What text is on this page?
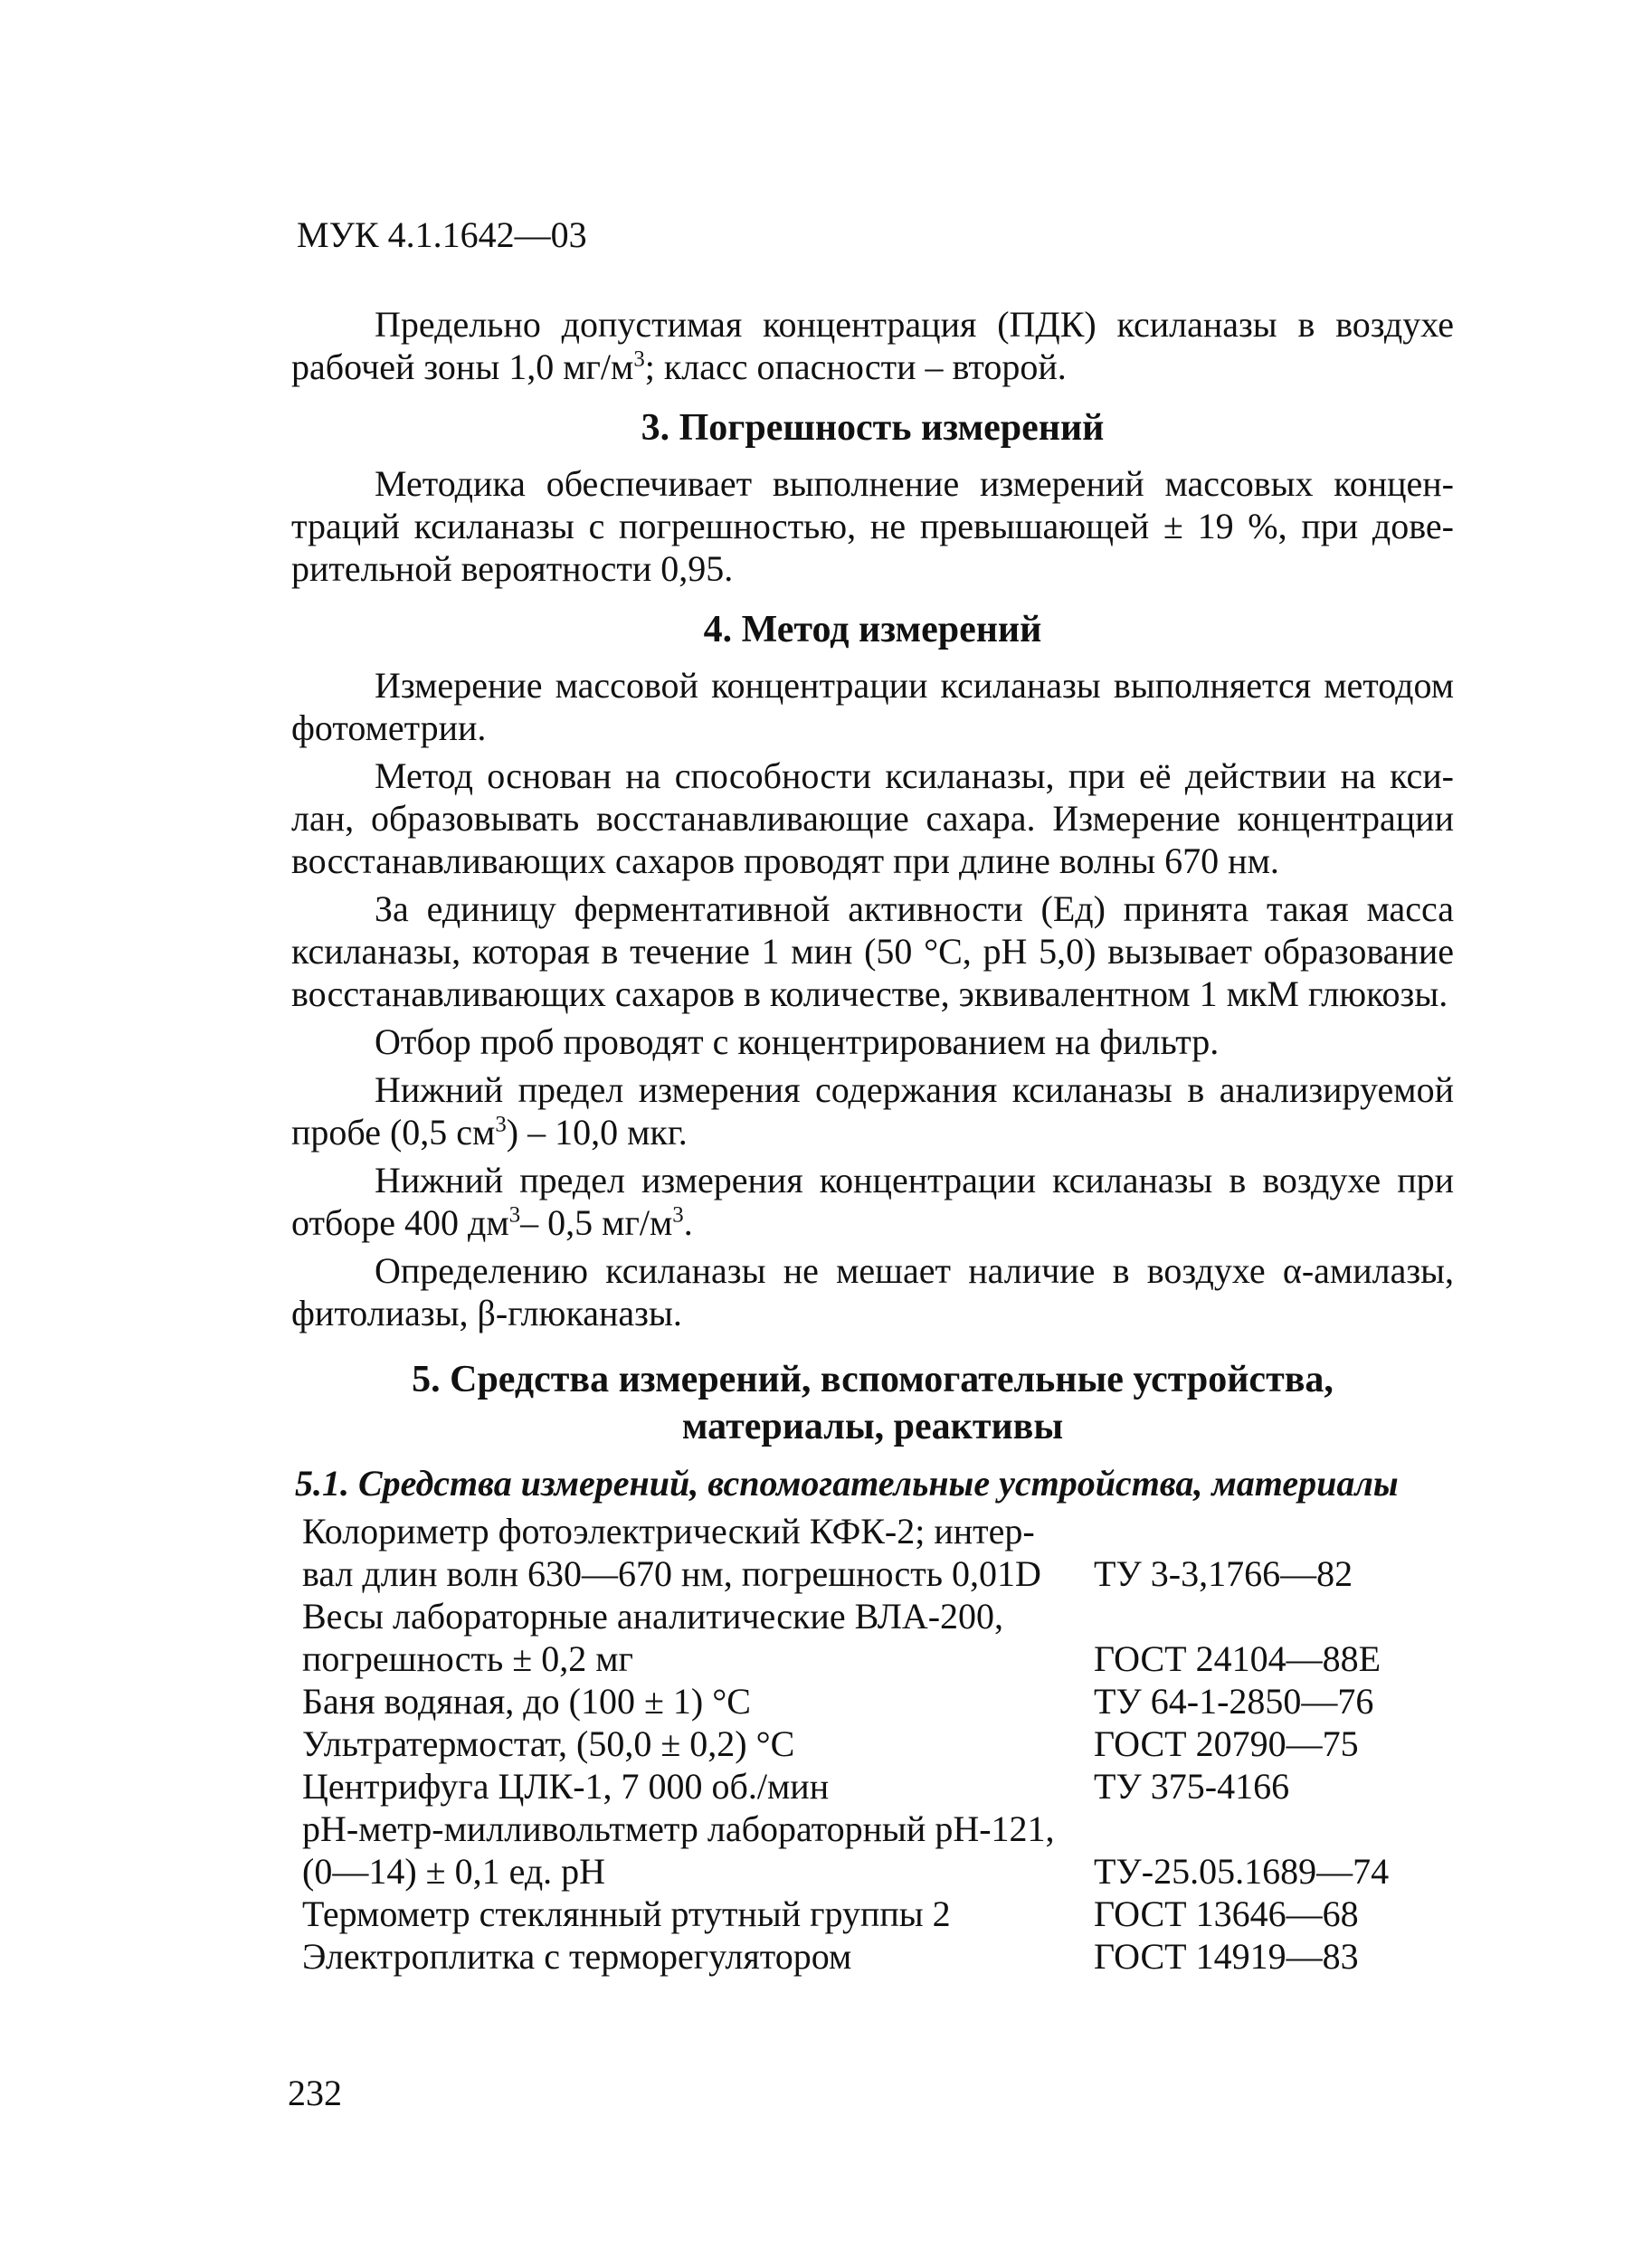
МУК 4.1.1642—03

Предельно допустимая концентрация (ПДК) ксиланазы в воздухе рабочей зоны 1,0 $мг/м^3$; класс опасности – второй.

3. Погрешность измерений

Методика обеспечивает выполнение измерений массовых концентраций ксиланазы с погрешностью, не превышающей ± 19 %, при доверительной вероятности 0,95.

4. Метод измерений

Измерение массовой концентрации ксиланазы выполняется методом фотометрии.

Метод основан на способности ксиланазы, при её действии на ксилан, образовывать восстанавливающие сахара. Измерение концентрации восстанавливающих сахаров проводят при длине волны 670 нм.

За единицу ферментативной активности (Ед) принята такая масса ксиланазы, которая в течение 1 мин (50 °С, рН 5,0) вызывает образование восстанавливающих сахаров в количестве, эквивалентном 1 мкМ глюкозы.

Отбор проб проводят с концентрированием на фильтр.

Нижний предел измерения содержания ксиланазы в анализируемой пробе (0,5 $см^3) - 10,0$ мкг.

Нижний предел измерения концентрации ксиланазы в воздухе при отборе 400 $дм^3-$ 0,5 $мг/м^3$.

Определению ксиланазы не мешает наличие в воздухе α-амилазы, фитолиазы, β-глюканазы.

5. Средства измерений, вспомогательные устройства,
материалы, реактивы
5.1. Средства измерений, вспомогательные устройства, материалы
Колориметр фотоэлектрический КФК-2; интер-
вал длин волн 630—670 нм, погрешность 0,01D
	ТУ 3-3,1766—82
Весы лабораторные аналитические ВЛА-200,
погрешность ± 0,2 мг
	ГОСТ 24104—88Е
Баня водяная, до (100 ± 1) °С	ТУ 64-1-2850—76
Ультратермостат, (50,0 ± 0,2) °С	ГОСТ 20790—75
Центрифуга ЦЛК-1, 7 000 об./мин	ТУ 375-4166
рН-метр-милливольтметр лабораторный рН-121,
(0—14) ± 0,1 ед. рН
	ТУ-25.05.1689—74
Термометр стеклянный ртутный группы 2	ГОСТ 13646—68
Электроплитка с терморегулятором	ГОСТ 14919—83
232
